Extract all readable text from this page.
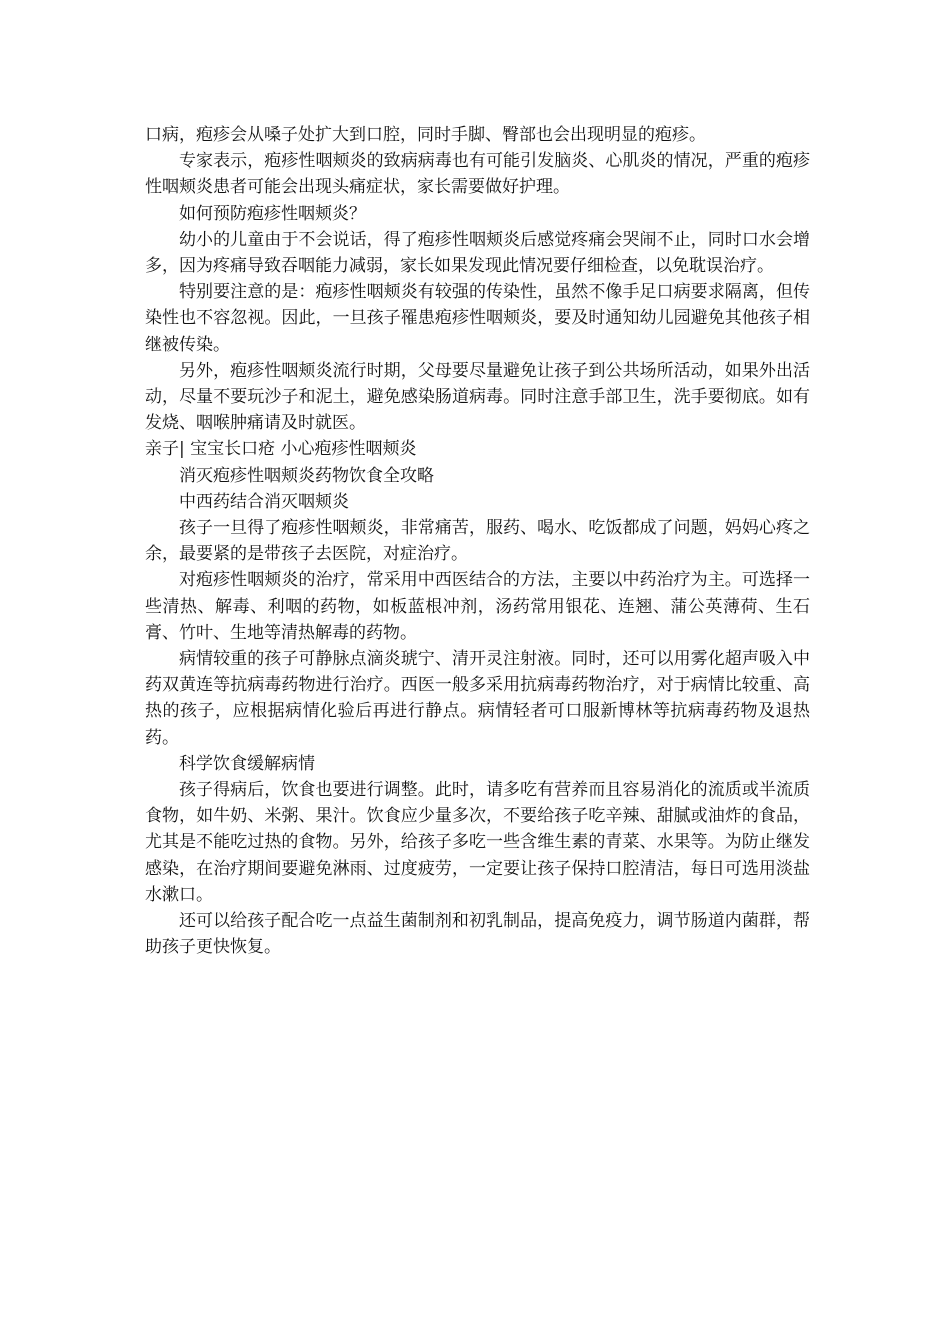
口病，疱疹会从嗓子处扩大到口腔，同时手脚、臀部也会出现明显的疱疹。

专家表示，疱疹性咽颊炎的致病病毒也有可能引发脑炎、心肌炎的情况，严重的疱疹性咽颊炎患者可能会出现头痛症状，家长需要做好护理。

如何预防疱疹性咽颊炎？

幼小的儿童由于不会说话，得了疱疹性咽颊炎后感觉疼痛会哭闹不止，同时口水会增多，因为疼痛导致吞咽能力减弱，家长如果发现此情况要仔细检查，以免耽误治疗。

特别要注意的是：疱疹性咽颊炎有较强的传染性，虽然不像手足口病要求隔离，但传染性也不容忽视。因此，一旦孩子罹患疱疹性咽颊炎，要及时通知幼儿园避免其他孩子相继被传染。

另外，疱疹性咽颊炎流行时期，父母要尽量避免让孩子到公共场所活动，如果外出活动，尽量不要玩沙子和泥土，避免感染肠道病毒。同时注意手部卫生，洗手要彻底。如有发烧、咽喉肿痛请及时就医。

亲子| 宝宝长口疮 小心疱疹性咽颊炎

消灭疱疹性咽颊炎药物饮食全攻略

中西药结合消灭咽颊炎

孩子一旦得了疱疹性咽颊炎，非常痛苦，服药、喝水、吃饭都成了问题，妈妈心疼之余，最要紧的是带孩子去医院，对症治疗。

对疱疹性咽颊炎的治疗，常采用中西医结合的方法，主要以中药治疗为主。可选择一些清热、解毒、利咽的药物，如板蓝根冲剂，汤药常用银花、连翘、蒲公英薄荷、生石膏、竹叶、生地等清热解毒的药物。

病情较重的孩子可静脉点滴炎琥宁、清开灵注射液。同时，还可以用雾化超声吸入中药双黄连等抗病毒药物进行治疗。西医一般多采用抗病毒药物治疗，对于病情比较重、高热的孩子，应根据病情化验后再进行静点。病情轻者可口服新博林等抗病毒药物及退热药。

科学饮食缓解病情

孩子得病后，饮食也要进行调整。此时，请多吃有营养而且容易消化的流质或半流质食物，如牛奶、米粥、果汁。饮食应少量多次，不要给孩子吃辛辣、甜腻或油炸的食品，尤其是不能吃过热的食物。另外，给孩子多吃一些含维生素的青菜、水果等。为防止继发感染，在治疗期间要避免淋雨、过度疲劳，一定要让孩子保持口腔清洁，每日可选用淡盐水漱口。

还可以给孩子配合吃一点益生菌制剂和初乳制品，提高免疫力，调节肠道内菌群，帮助孩子更快恢复。
